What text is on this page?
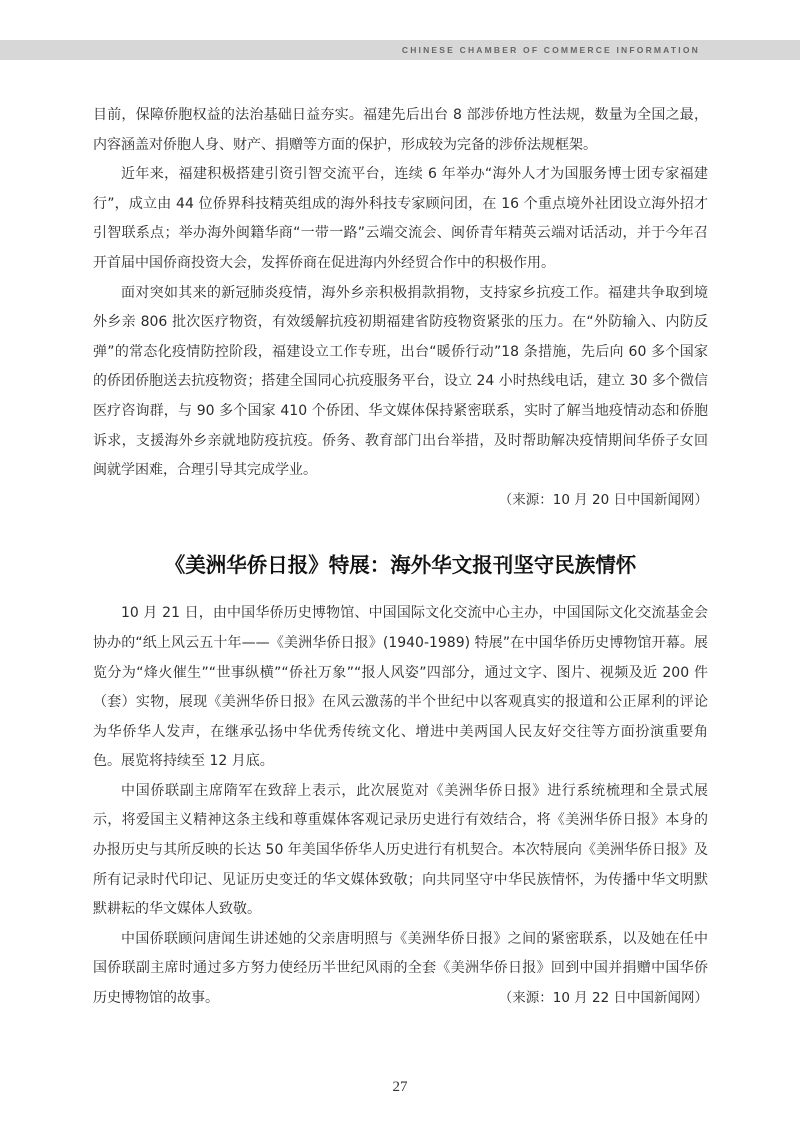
CHINESE CHAMBER OF COMMERCE INFORMATION

目前，保障侨胞权益的法治基础日益夯实。福建先后出台 8 部涉侨地方性法规，数量为全国之最，内容涵盖对侨胞人身、财产、捐赠等方面的保护，形成较为完备的涉侨法规框架。

近年来，福建积极搭建引资引智交流平台，连续 6 年举办“海外人才为国服务博士团专家福建行”，成立由 44 位侨界科技精英组成的海外科技专家顾问团，在 16 个重点境外社团设立海外招才引智联系点；举办海外闽籍华商“一带一路”云端交流会、闽侨青年精英云端对话活动，并于今年召开首届中国侨商投资大会，发挥侨商在促进海内外经贸合作中的积极作用。

面对突如其来的新冠肺炎疫情，海外乡亲积极捐款捐物，支持家乡抗疫工作。福建共争取到境外乡亲 806 批次医疗物资，有效缓解抗疫初期福建省防疫物资紧张的压力。在“外防输入、内防反弹”的常态化疫情防控阶段，福建设立工作专班，出台“暖侨行动”18 条措施，先后向 60 多个国家的侨团侨胞送去抗疫物资；搭建全国同心抗疫服务平台，设立 24 小时热线电话，建立 30 多个微信医疗咨询群，与 90 多个国家 410 个侨团、华文媒体保持紧密联系，实时了解当地疫情动态和侨胞诉求，支援海外乡亲就地防疫抗疫。侨务、教育部门出台举措，及时帮助解决疫情期间华侨子女回闽就学困难，合理引导其完成学业。

（来源：10 月 20 日中国新闻网）

《美洲华侨日报》特展：海外华文报刊坚守民族情怀

10 月 21 日，由中国华侨历史博物馆、中国国际文化交流中心主办，中国国际文化交流基金会协办的“纸上风云五十年——《美洲华侨日报》(1940-1989) 特展”在中国华侨历史博物馆开幕。展览分为“烽火催生”“世事纵横”“侨社万象”“报人风姿”四部分，通过文字、图片、视频及近 200 件（套）实物，展现《美洲华侨日报》在风云激荡的半个世纪中以客观真实的报道和公正犀利的评论为华侨华人发声，在继承弘扬中华优秀传统文化、增进中美两国人民友好交往等方面扮演重要角色。展览将持续至 12 月底。

中国侨联副主席隋军在致辞上表示，此次展览对《美洲华侨日报》进行系统梳理和全景式展示，将爱国主义精神这条主线和尊重媒体客观记录历史进行有效结合，将《美洲华侨日报》本身的办报历史与其所反映的长达 50 年美国华侨华人历史进行有机契合。本次特展向《美洲华侨日报》及所有记录时代印记、见证历史变迁的华文媒体致敬；向共同坚守中华民族情怀，为传播中华文明默默耕耘的华文媒体人致敬。

中国侨联顾问唐闻生讲述她的父亲唐明照与《美洲华侨日报》之间的紧密联系，以及她在任中国侨联副主席时通过多方努力使经历半世纪风雨的全套《美洲华侨日报》回到中国并捐赠中国华侨历史博物馆的故事。	（来源：10 月 22 日中国新闻网）

27
